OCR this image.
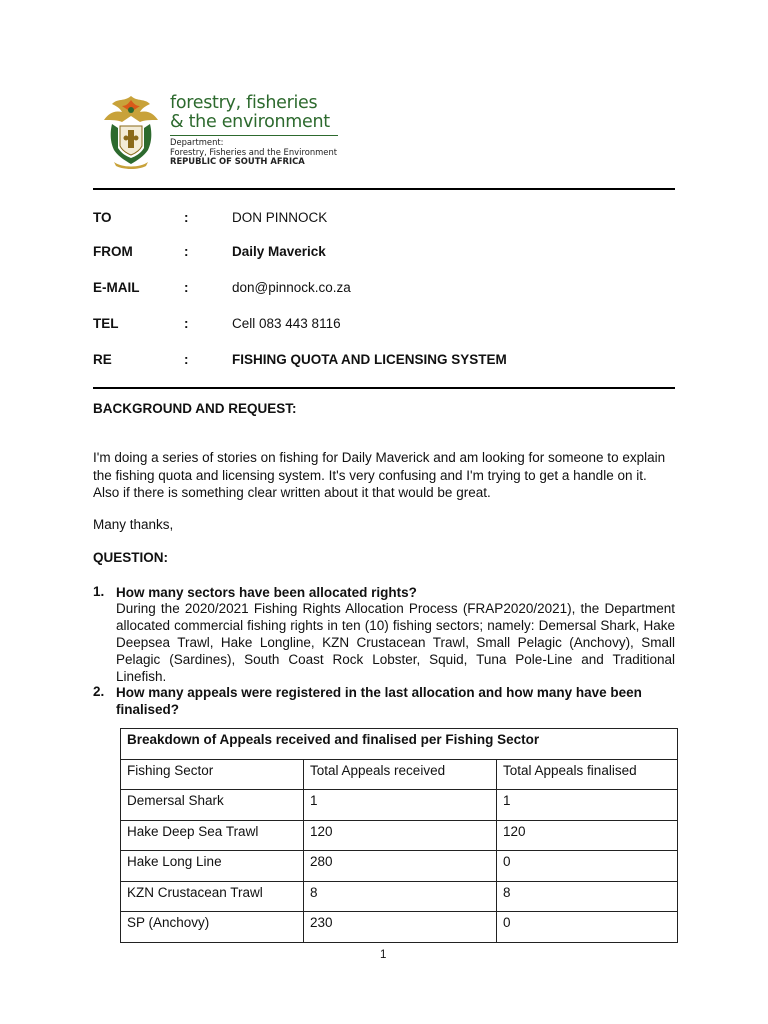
forestry, fisheries
& the environment
Department:
Forestry, Fisheries and the Environment
REPUBLIC OF SOUTH AFRICA
TO	:	DON PINNOCK
FROM	:	Daily Maverick
E-MAIL	:	don@pinnock.co.za
TEL	:	Cell 083 443 8116
RE	:	FISHING QUOTA AND LICENSING SYSTEM
BACKGROUND AND REQUEST:
I'm doing a series of stories on fishing for Daily Maverick and am looking for someone to explain the fishing quota and licensing system. It's very confusing and I'm trying to get a handle on it. Also if there is something clear written about it that would be great.
Many thanks,
QUESTION:
1. How many sectors have been allocated rights?
During the 2020/2021 Fishing Rights Allocation Process (FRAP2020/2021), the Department allocated commercial fishing rights in ten (10) fishing sectors; namely: Demersal Shark, Hake Deepsea Trawl, Hake Longline, KZN Crustacean Trawl, Small Pelagic (Anchovy), Small Pelagic (Sardines), South Coast Rock Lobster, Squid, Tuna Pole-Line and Traditional Linefish.
2. How many appeals were registered in the last allocation and how many have been finalised?
Breakdown of Appeals received and finalised per Fishing Sector		
Fishing Sector	Total Appeals received	Total Appeals finalised
Demersal Shark	1	1
Hake Deep Sea Trawl	120	120
Hake Long Line	280	0
KZN Crustacean Trawl	8	8
SP (Anchovy)	230	0
1
